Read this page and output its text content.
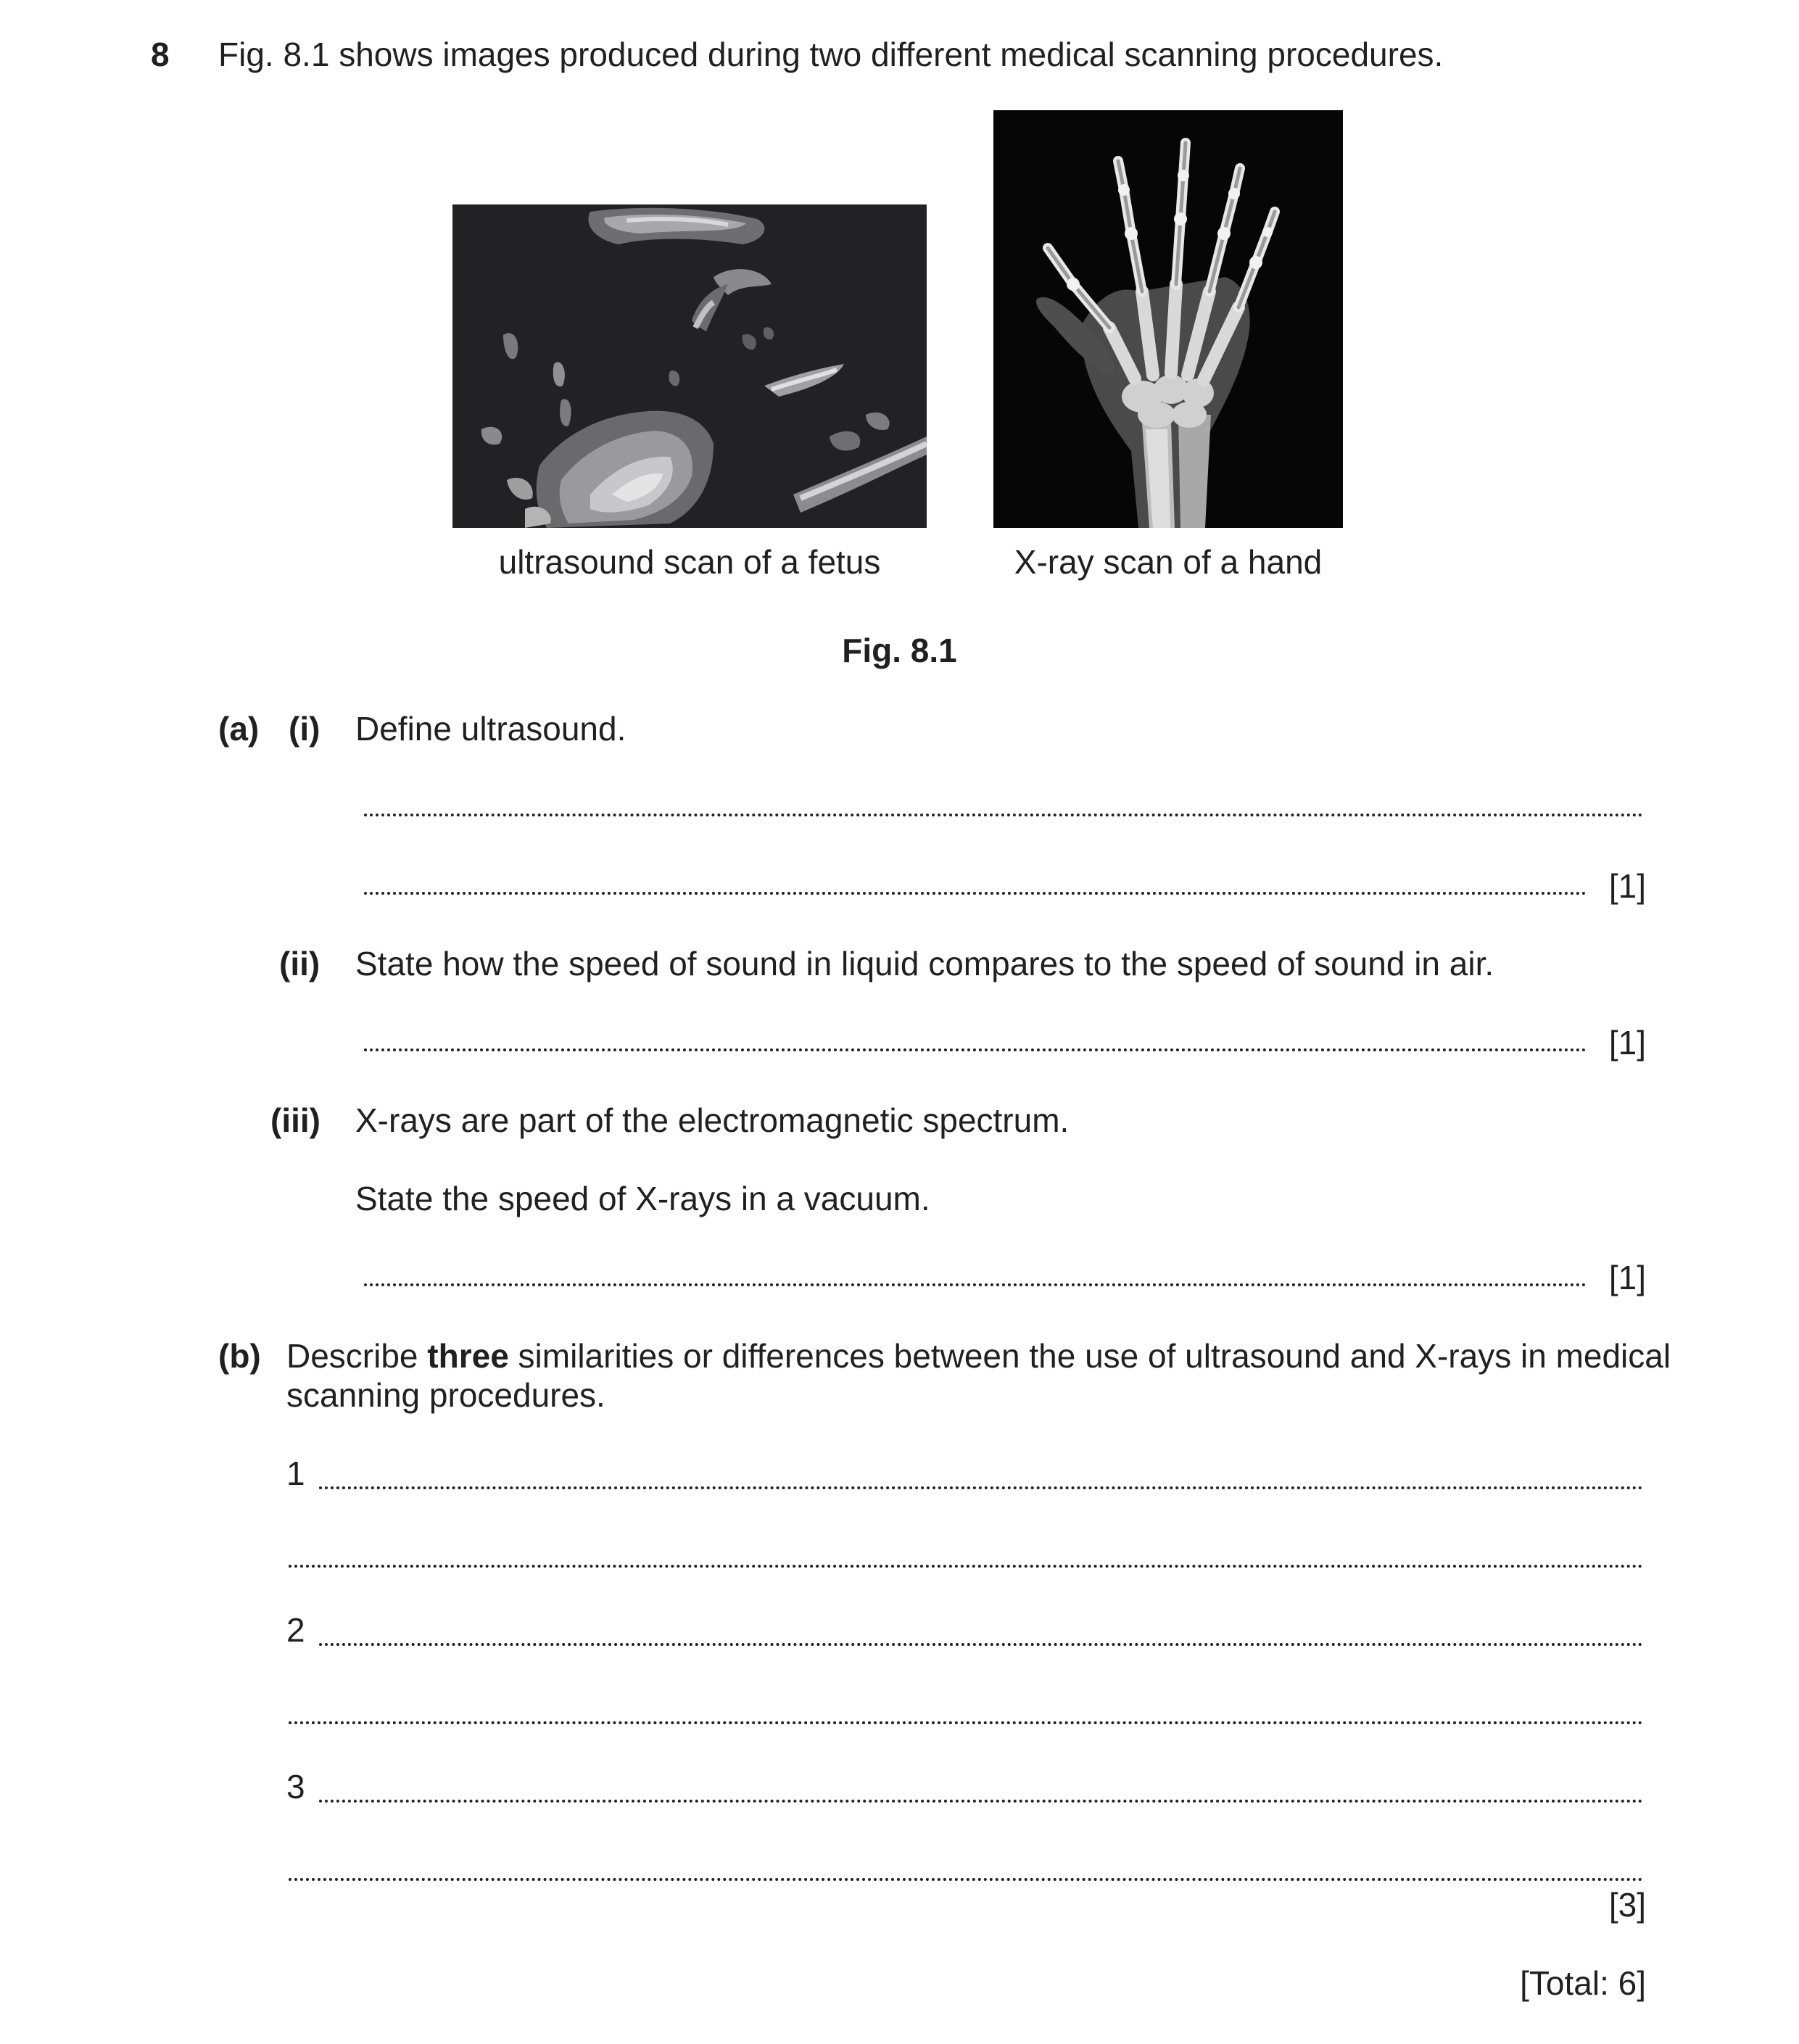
8 Fig. 8.1 shows images produced during two different medical scanning procedures.
ultrasound scan of a fetus	X-ray scan of a hand
Fig. 8.1
(a) (i) Define ultrasound.
[1]
(ii) State how the speed of sound in liquid compares to the speed of sound in air.
[1]
(iii) X-rays are part of the electromagnetic spectrum.
State the speed of X-rays in a vacuum.
[1]
(b) Describe three similarities or differences between the use of ultrasound and X-rays in medical
scanning procedures.
1
2
3
[3]
[Total: 6]
